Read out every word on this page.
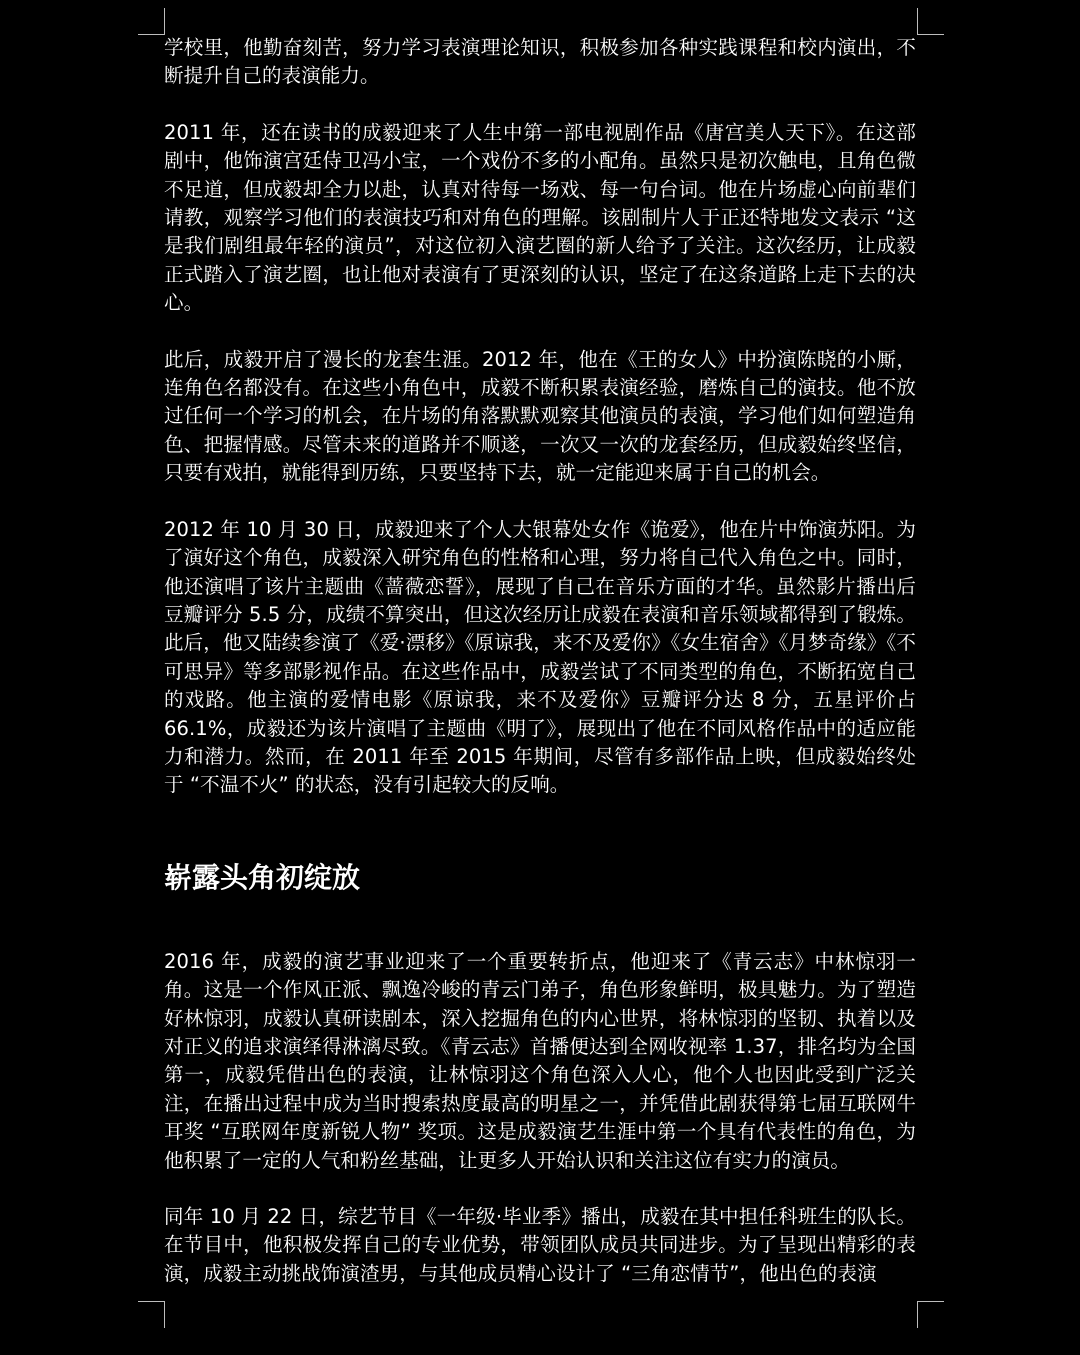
学校里，他勤奋刻苦，努力学习表演理论知识，积极参加各种实践课程和校内演出，不断提升自己的表演能力。

2011 年，还在读书的成毅迎来了人生中第一部电视剧作品《唐宫美人天下》。在这部剧中，他饰演宫廷侍卫冯小宝，一个戏份不多的小配角。虽然只是初次触电，且角色微不足道，但成毅却全力以赴，认真对待每一场戏、每一句台词。他在片场虚心向前辈们请教，观察学习他们的表演技巧和对角色的理解。该剧制片人于正还特地发文表示 “这是我们剧组最年轻的演员”，对这位初入演艺圈的新人给予了关注。这次经历，让成毅正式踏入了演艺圈，也让他对表演有了更深刻的认识，坚定了在这条道路上走下去的决心。

此后，成毅开启了漫长的龙套生涯。2012 年，他在《王的女人》中扮演陈晓的小厮，连角色名都没有。在这些小角色中，成毅不断积累表演经验，磨炼自己的演技。他不放过任何一个学习的机会，在片场的角落默默观察其他演员的表演，学习他们如何塑造角色、把握情感。尽管未来的道路并不顺遂，一次又一次的龙套经历，但成毅始终坚信，只要有戏拍，就能得到历练，只要坚持下去，就一定能迎来属于自己的机会。

2012 年 10 月 30 日，成毅迎来了个人大银幕处女作《诡爱》，他在片中饰演苏阳。为了演好这个角色，成毅深入研究角色的性格和心理，努力将自己代入角色之中。同时，他还演唱了该片主题曲《蔷薇恋誓》，展现了自己在音乐方面的才华。虽然影片播出后豆瓣评分 5.5 分，成绩不算突出，但这次经历让成毅在表演和音乐领域都得到了锻炼。此后，他又陆续参演了《爱·漂移》《原谅我，来不及爱你》《女生宿舍》《月梦奇缘》《不可思异》等多部影视作品。在这些作品中，成毅尝试了不同类型的角色，不断拓宽自己的戏路。他主演的爱情电影《原谅我，来不及爱你》豆瓣评分达 8 分，五星评价占 66.1%，成毅还为该片演唱了主题曲《明了》，展现出了他在不同风格作品中的适应能力和潜力。然而，在 2011 年至 2015 年期间，尽管有多部作品上映，但成毅始终处于 “不温不火” 的状态，没有引起较大的反响。

崭露头角初绽放

2016 年，成毅的演艺事业迎来了一个重要转折点，他迎来了《青云志》中林惊羽一角。这是一个作风正派、飘逸冷峻的青云门弟子，角色形象鲜明，极具魅力。为了塑造好林惊羽，成毅认真研读剧本，深入挖掘角色的内心世界，将林惊羽的坚韧、执着以及对正义的追求演绎得淋漓尽致。《青云志》首播便达到全网收视率 1.37，排名均为全国第一，成毅凭借出色的表演，让林惊羽这个角色深入人心，他个人也因此受到广泛关注，在播出过程中成为当时搜索热度最高的明星之一，并凭借此剧获得第七届互联网牛耳奖 “互联网年度新锐人物” 奖项。这是成毅演艺生涯中第一个具有代表性的角色，为他积累了一定的人气和粉丝基础，让更多人开始认识和关注这位有实力的演员。

同年 10 月 22 日，综艺节目《一年级·毕业季》播出，成毅在其中担任科班生的队长。在节目中，他积极发挥自己的专业优势，带领团队成员共同进步。为了呈现出精彩的表演，成毅主动挑战饰演渣男，与其他成员精心设计了 “三角恋情节”，他出色的表演
